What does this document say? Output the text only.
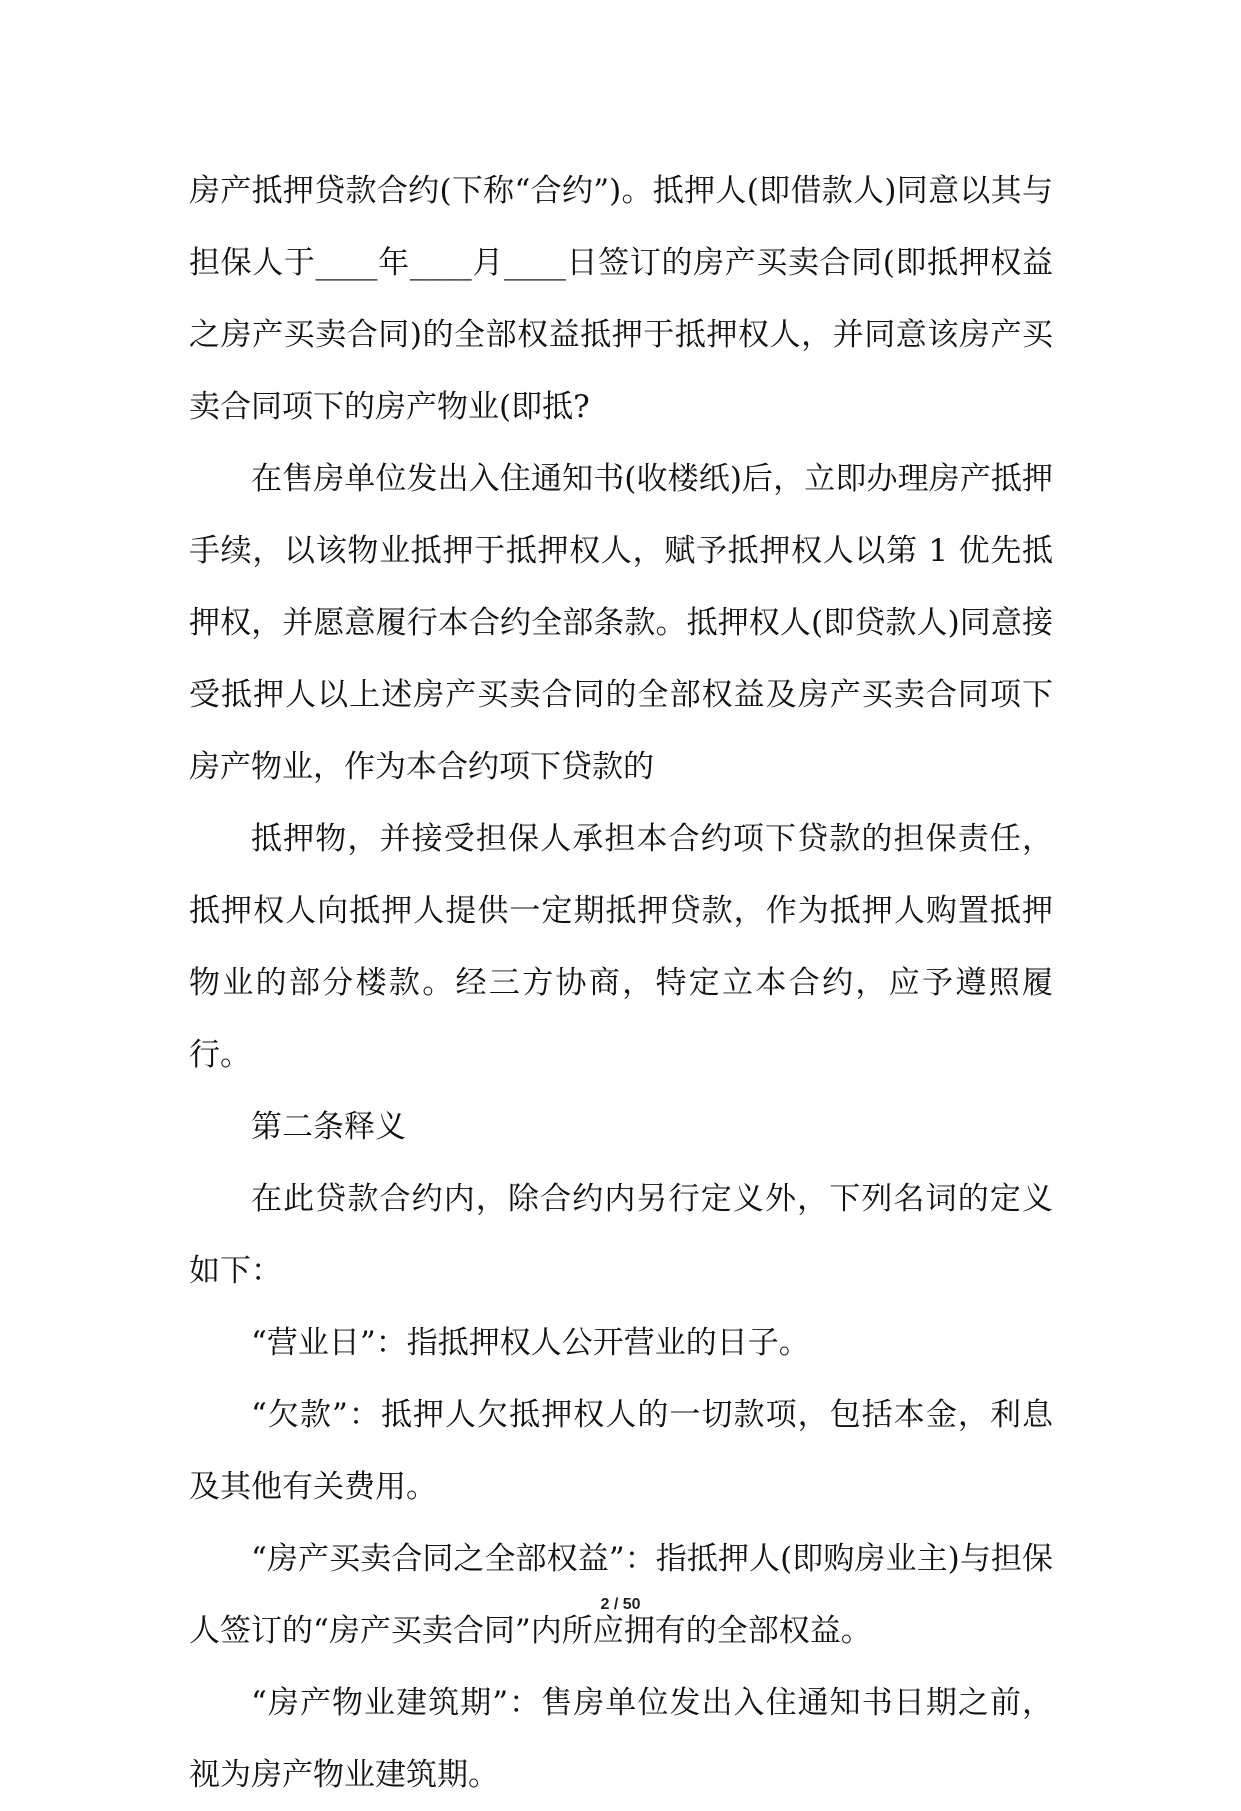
房产抵押贷款合约(下称“合约”)。抵押人(即借款人)同意以其与担保人于____年____月____日签订的房产买卖合同(即抵押权益之房产买卖合同)的全部权益抵押于抵押权人，并同意该房产买卖合同项下的房产物业(即抵?

在售房单位发出入住通知书(收楼纸)后，立即办理房产抵押手续，以该物业抵押于抵押权人，赋予抵押权人以第 1 优先抵押权，并愿意履行本合约全部条款。抵押权人(即贷款人)同意接受抵押人以上述房产买卖合同的全部权益及房产买卖合同项下房产物业，作为本合约项下贷款的

抵押物，并接受担保人承担本合约项下贷款的担保责任，抵押权人向抵押人提供一定期抵押贷款，作为抵押人购置抵押物业的部分楼款。经三方协商，特定立本合约，应予遵照履行。

第二条释义

在此贷款合约内，除合约内另行定义外，下列名词的定义如下：

“营业日”：指抵押权人公开营业的日子。

“欠款”：抵押人欠抵押权人的一切款项，包括本金，利息及其他有关费用。

“房产买卖合同之全部权益”：指抵押人(即购房业主)与担保人签订的“房产买卖合同”内所应拥有的全部权益。

“房产物业建筑期”：售房单位发出入住通知书日期之前，视为房产物业建筑期。

2 / 50
